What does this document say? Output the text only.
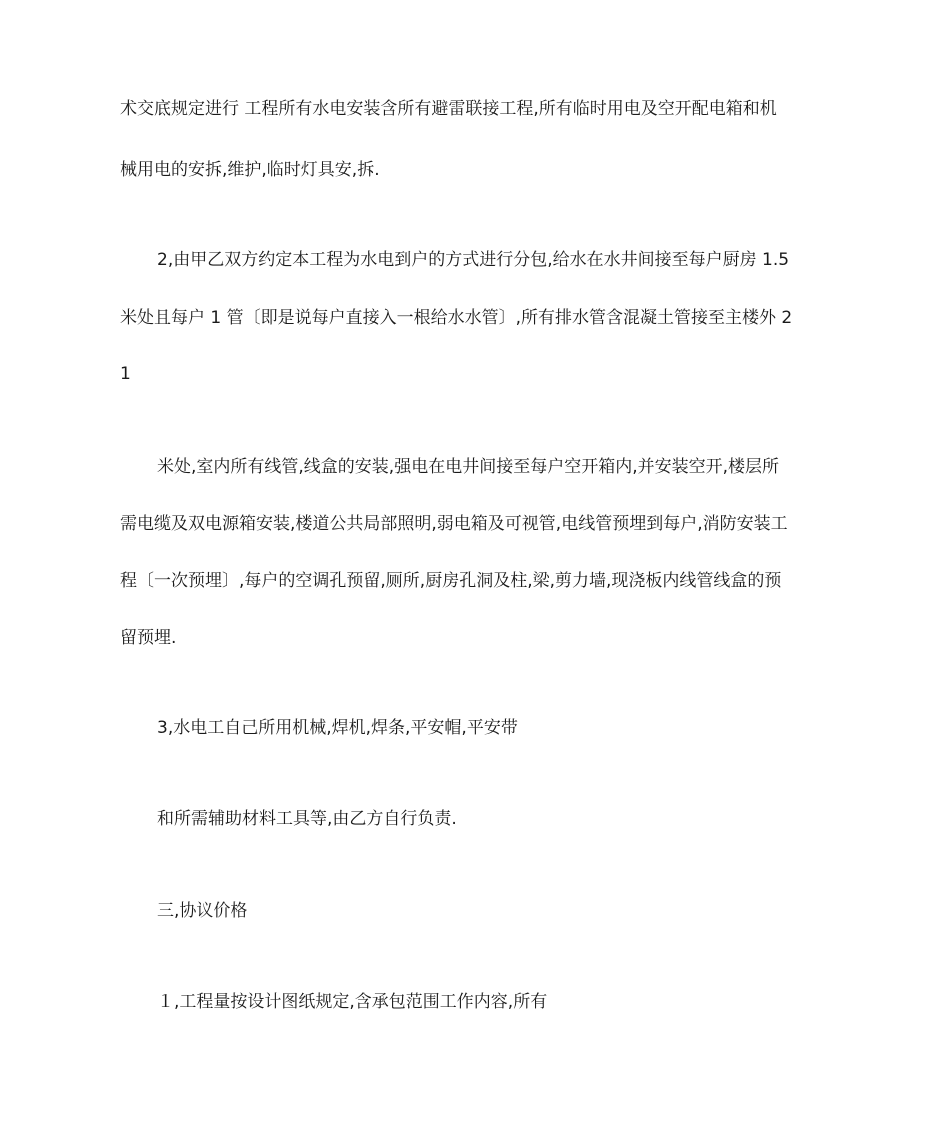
术交底规定进行 工程所有水电安装含所有避雷联接工程,所有临时用电及空开配电箱和机
械用电的安拆,维护,临时灯具安,拆.
2,由甲乙双方约定本工程为水电到户的方式进行分包,给水在水井间接至每户厨房 1.5
米处且每户 1 管〔即是说每户直接入一根给水水管〕,所有排水管含混凝土管接至主楼外 2
1
米处,室内所有线管,线盒的安装,强电在电井间接至每户空开箱内,并安装空开,楼层所
需电缆及双电源箱安装,楼道公共局部照明,弱电箱及可视管,电线管预埋到每户,消防安装工
程〔一次预埋〕,每户的空调孔预留,厕所,厨房孔洞及柱,梁,剪力墙,现浇板内线管线盒的预
留预埋.
3,水电工自己所用机械,焊机,焊条,平安帽,平安带
和所需辅助材料工具等,由乙方自行负责.
三,协议价格
１,工程量按设计图纸规定,含承包范围工作内容,所有
